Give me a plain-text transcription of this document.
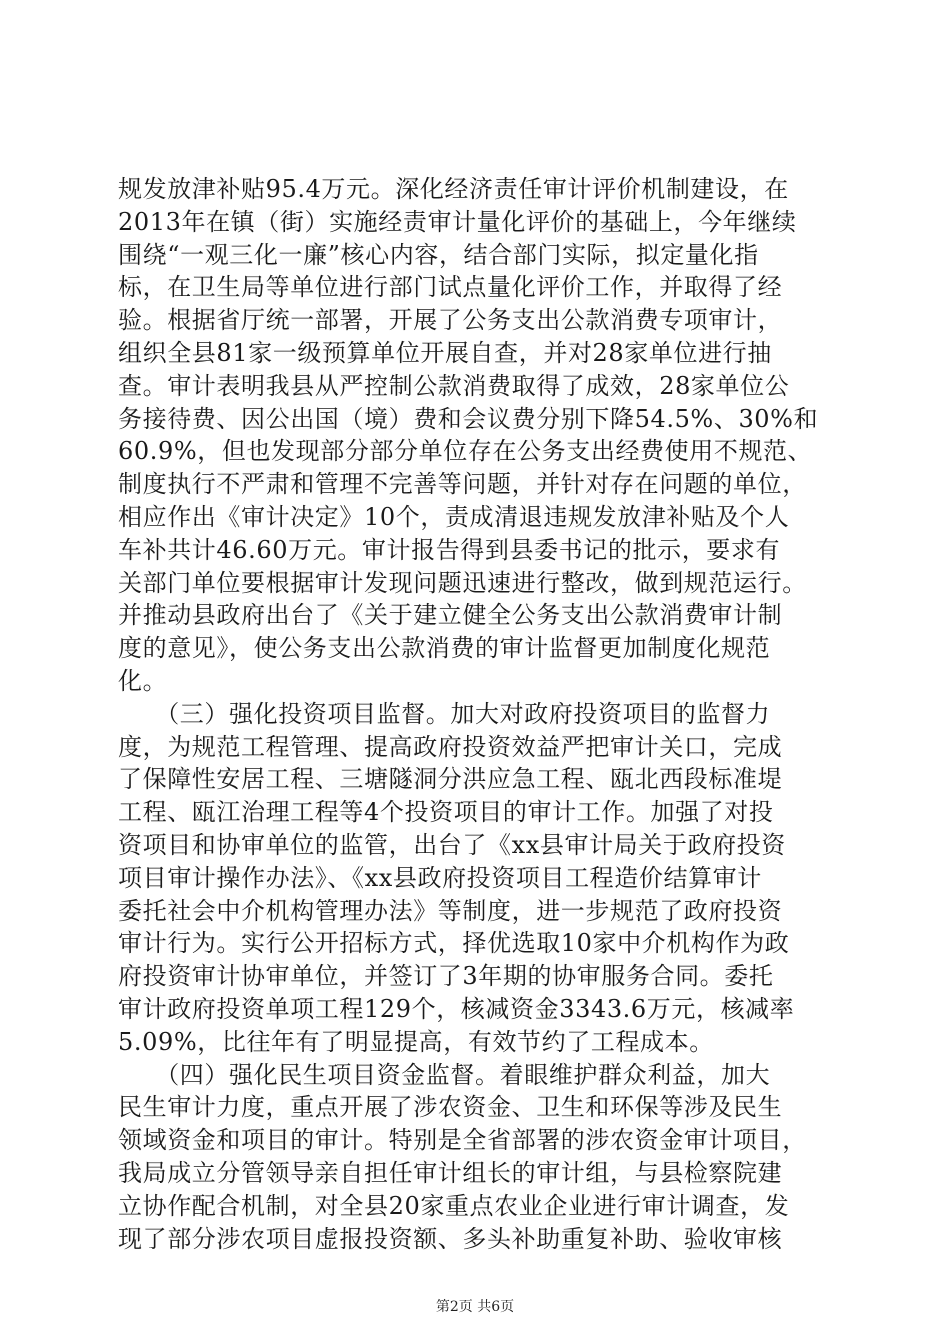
规发放津补贴95.4万元。深化经济责任审计评价机制建设，在
2013年在镇（街）实施经责审计量化评价的基础上，今年继续
围绕“一观三化一廉”核心内容，结合部门实际，拟定量化指
标，在卫生局等单位进行部门试点量化评价工作，并取得了经
验。根据省厅统一部署，开展了公务支出公款消费专项审计，
组织全县81家一级预算单位开展自查，并对28家单位进行抽
查。审计表明我县从严控制公款消费取得了成效，28家单位公
务接待费、因公出国（境）费和会议费分别下降54.5%、30%和
60.9%，但也发现部分部分单位存在公务支出经费使用不规范、
制度执行不严肃和管理不完善等问题，并针对存在问题的单位，
相应作出《审计决定》10个，责成清退违规发放津补贴及个人
车补共计46.60万元。审计报告得到县委书记的批示，要求有
关部门单位要根据审计发现问题迅速进行整改，做到规范运行。
并推动县政府出台了《关于建立健全公务支出公款消费审计制
度的意见》，使公务支出公款消费的审计监督更加制度化规范
化。
　　（三）强化投资项目监督。加大对政府投资项目的监督力
度，为规范工程管理、提高政府投资效益严把审计关口，完成
了保障性安居工程、三塘隧洞分洪应急工程、瓯北西段标准堤
工程、瓯江治理工程等4个投资项目的审计工作。加强了对投
资项目和协审单位的监管，出台了《xx县审计局关于政府投资
项目审计操作办法》、《xx县政府投资项目工程造价结算审计
委托社会中介机构管理办法》等制度，进一步规范了政府投资
审计行为。实行公开招标方式，择优选取10家中介机构作为政
府投资审计协审单位，并签订了3年期的协审服务合同。委托
审计政府投资单项工程129个，核减资金3343.6万元，核减率
5.09%，比往年有了明显提高，有效节约了工程成本。
　　（四）强化民生项目资金监督。着眼维护群众利益，加大
民生审计力度，重点开展了涉农资金、卫生和环保等涉及民生
领域资金和项目的审计。特别是全省部署的涉农资金审计项目，
我局成立分管领导亲自担任审计组长的审计组，与县检察院建
立协作配合机制，对全县20家重点农业企业进行审计调查，发
现了部分涉农项目虚报投资额、多头补助重复补助、验收审核
第2页 共6页
